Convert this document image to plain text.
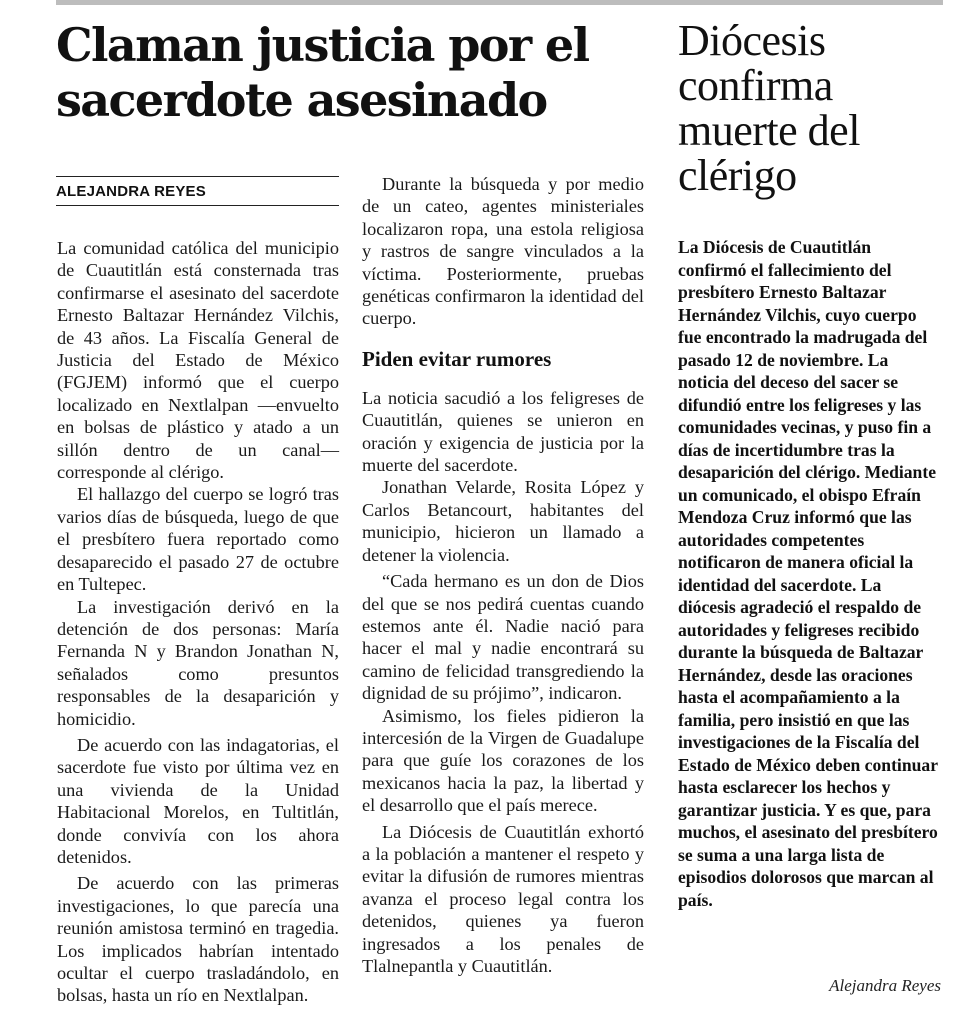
Claman justicia por el sacerdote asesinado
ALEJANDRA REYES

La comunidad católica del municipio de Cuautitlán está consternada tras confirmarse el asesinato del sacerdote Ernesto Baltazar Hernández Vilchis, de 43 años. La Fiscalía General de Justicia del Estado de México (FGJEM) informó que el cuerpo localizado en Nextlalpan —envuelto en bolsas de plástico y atado a un sillón dentro de un canal— corresponde al clérigo.

El hallazgo del cuerpo se logró tras varios días de búsqueda, luego de que el presbítero fuera reportado como desaparecido el pasado 27 de octubre en Tultepec.

La investigación derivó en la detención de dos personas: María Fernanda N y Brandon Jonathan N, señalados como presuntos responsables de la desaparición y homicidio.

De acuerdo con las indagatorias, el sacerdote fue visto por última vez en una vivienda de la Unidad Habitacional Morelos, en Tultitlán, donde convivía con los ahora detenidos.

De acuerdo con las primeras investigaciones, lo que parecía una reunión amistosa terminó en tragedia. Los implicados habrían intentado ocultar el cuerpo trasladándolo, en bolsas, hasta un río en Nextlalpan.

Durante la búsqueda y por medio de un cateo, agentes ministeriales localizaron ropa, una estola religiosa y rastros de sangre vinculados a la víctima. Posteriormente, pruebas genéticas confirmaron la identidad del cuerpo.

Piden evitar rumores

La noticia sacudió a los feligreses de Cuautitlán, quienes se unieron en oración y exigencia de justicia por la muerte del sacerdote.

Jonathan Velarde, Rosita López y Carlos Betancourt, habitantes del municipio, hicieron un llamado a detener la violencia.

“Cada hermano es un don de Dios del que se nos pedirá cuentas cuando estemos ante él. Nadie nació para hacer el mal y nadie encontrará su camino de felicidad transgrediendo la dignidad de su prójimo”, indicaron.

Asimismo, los fieles pidieron la intercesión de la Virgen de Guadalupe para que guíe los corazones de los mexicanos hacia la paz, la libertad y el desarrollo que el país merece.

La Diócesis de Cuautitlán exhortó a la población a mantener el respeto y evitar la difusión de rumores mientras avanza el proceso legal contra los detenidos, quienes ya fueron ingresados a los penales de Tlalnepantla y Cuautitlán.

Diócesis confirma muerte del clérigo

La Diócesis de Cuautitlán confirmó el fallecimiento del presbítero Ernesto Baltazar Hernández Vilchis, cuyo cuerpo fue encontrado la madrugada del pasado 12 de noviembre. La noticia del deceso del sacer se difundió entre los feligreses y las comunidades vecinas, y puso fin a días de incertidumbre tras la desaparición del clérigo. Mediante un comunicado, el obispo Efraín Mendoza Cruz informó que las autoridades competentes notificaron de manera oficial la identidad del sacerdote. La diócesis agradeció el respaldo de autoridades y feligreses recibido durante la búsqueda de Baltazar Hernández, desde las oraciones hasta el acompañamiento a la familia, pero insistió en que las investigaciones de la Fiscalía del Estado de México deben continuar hasta esclarecer los hechos y garantizar justicia. Y es que, para muchos, el asesinato del presbítero se suma a una larga lista de episodios dolorosos que marcan al país.

Alejandra Reyes
